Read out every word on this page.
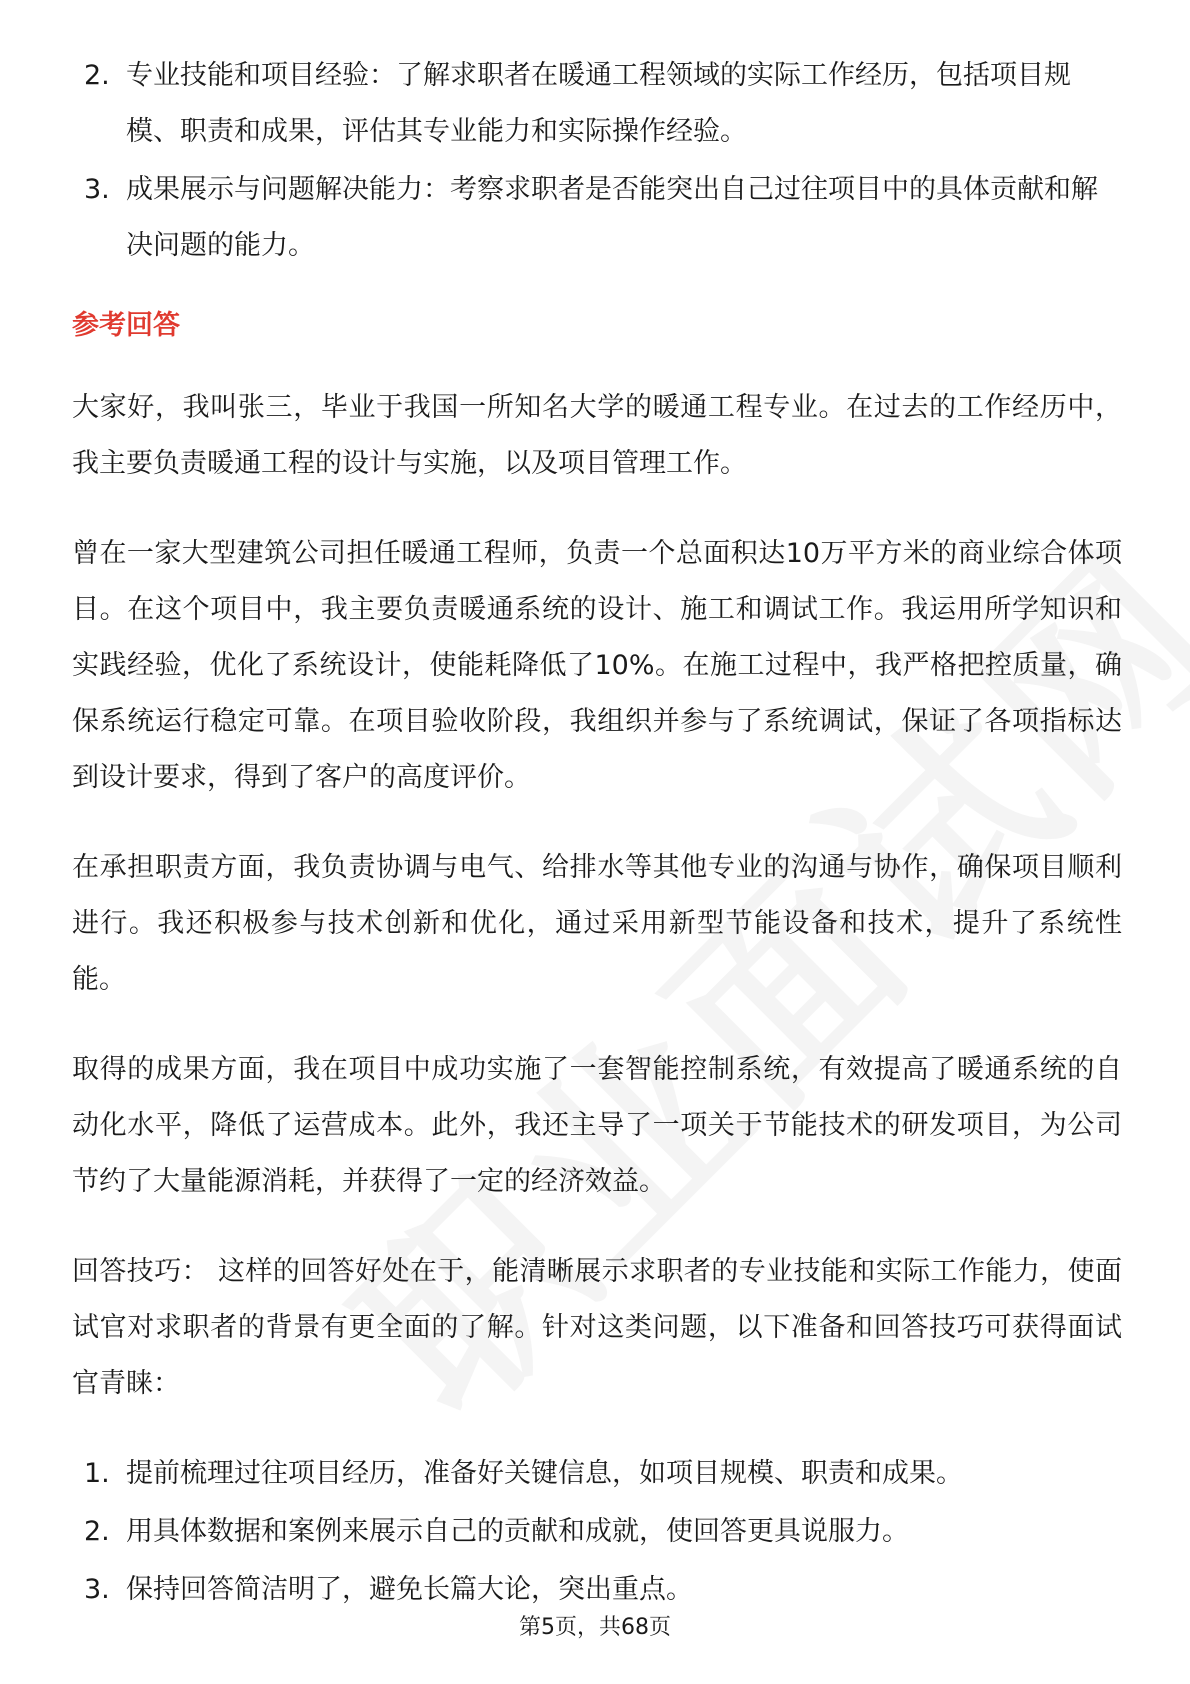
2. 专业技能和项目经验：了解求职者在暖通工程领域的实际工作经历，包括项目规模、职责和成果，评估其专业能力和实际操作经验。
3. 成果展示与问题解决能力：考察求职者是否能突出自己过往项目中的具体贡献和解决问题的能力。
参考回答

大家好，我叫张三，毕业于我国一所知名大学的暖通工程专业。在过去的工作经历中，我主要负责暖通工程的设计与实施，以及项目管理工作。

曾在一家大型建筑公司担任暖通工程师，负责一个总面积达10万平方米的商业综合体项目。在这个项目中，我主要负责暖通系统的设计、施工和调试工作。我运用所学知识和实践经验，优化了系统设计，使能耗降低了10%。在施工过程中，我严格把控质量，确保系统运行稳定可靠。在项目验收阶段，我组织并参与了系统调试，保证了各项指标达到设计要求，得到了客户的高度评价。

在承担职责方面，我负责协调与电气、给排水等其他专业的沟通与协作，确保项目顺利进行。我还积极参与技术创新和优化，通过采用新型节能设备和技术，提升了系统性能。

取得的成果方面，我在项目中成功实施了一套智能控制系统，有效提高了暖通系统的自动化水平，降低了运营成本。此外，我还主导了一项关于节能技术的研发项目，为公司节约了大量能源消耗，并获得了一定的经济效益。

回答技巧： 这样的回答好处在于，能清晰展示求职者的专业技能和实际工作能力，使面试官对求职者的背景有更全面的了解。针对这类问题，以下准备和回答技巧可获得面试官青睐：

1. 提前梳理过往项目经历，准备好关键信息，如项目规模、职责和成果。
2. 用具体数据和案例来展示自己的贡献和成就，使回答更具说服力。
3. 保持回答简洁明了，避免长篇大论，突出重点。
第5页，共68页
